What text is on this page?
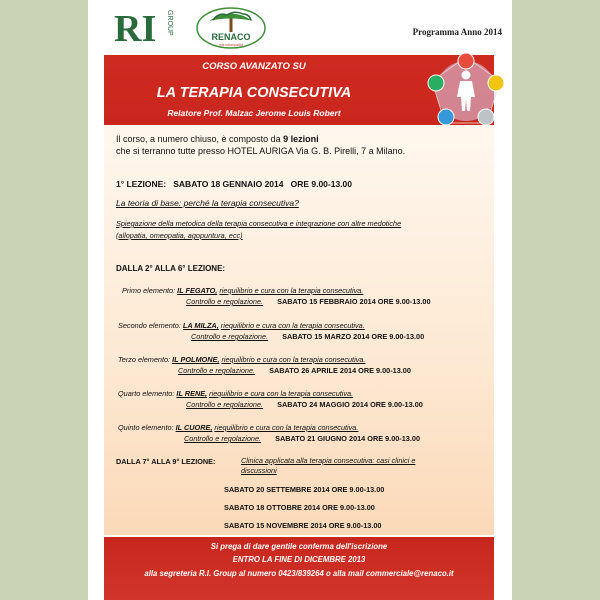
RI GROUP
RENACO
rete naturopatica
Programma Anno 2014
CORSO AVANZATO SU
LA TERAPIA CONSECUTIVA
Relatore Prof. Malzac Jerome Louis Robert
Il corso, a numero chiuso, è composto da 9 lezioni
che si terranno tutte presso HOTEL AURIGA Via G. B. Pirelli, 7 a Milano.
1° LEZIONE: SABATO 18 GENNAIO 2014 ORE 9.00-13.00
La teoria di base: perché la terapia consecutiva?
Spiegazione della metodica della terapia consecutiva e integrazione con altre medotiche
(allopatia, omeopatia, agopuntura, ecc)
DALLA 2° ALLA 6° LEZIONE:
Primo elemento: IL FEGATO, riequilibrio e cura con la terapia consecutiva.
Controllo e regolazione. SABATO 15 FEBBRAIO 2014 ORE 9.00-13.00
Secondo elemento: LA MILZA, riequilibrio e cura con la terapia consecutiva.
Controllo e regolazione. SABATO 15 MARZO 2014 ORE 9.00-13.00
Terzo elemento: IL POLMONE, riequilibrio e cura con la terapia consecutiva.
Controllo e regolazione. SABATO 26 APRILE 2014 ORE 9.00-13.00
Quarto elemento: IL RENE, riequilibrio e cura con la terapia consecutiva.
Controllo e regolazione. SABATO 24 MAGGIO 2014 ORE 9.00-13.00
Quinto elemento: IL CUORE, riequilibrio e cura con la terapia consecutiva.
Controllo e regolazione. SABATO 21 GIUGNO 2014 ORE 9.00-13.00
DALLA 7° ALLA 9° LEZIONE:	Clinica applicata alla terapia consecutiva: casi clinici e discussioni
SABATO 20 SETTEMBRE 2014 ORE 9.00-13.00
SABATO 18 OTTOBRE 2014 ORE 9.00-13.00
SABATO 15 NOVEMBRE 2014 ORE 9.00-13.00
Si prega di dare gentile conferma dell'iscrizione
ENTRO LA FINE DI DICEMBRE 2013
alla segreteria R.I. Group al numero 0423/839264 o alla mail commerciale@renaco.it
